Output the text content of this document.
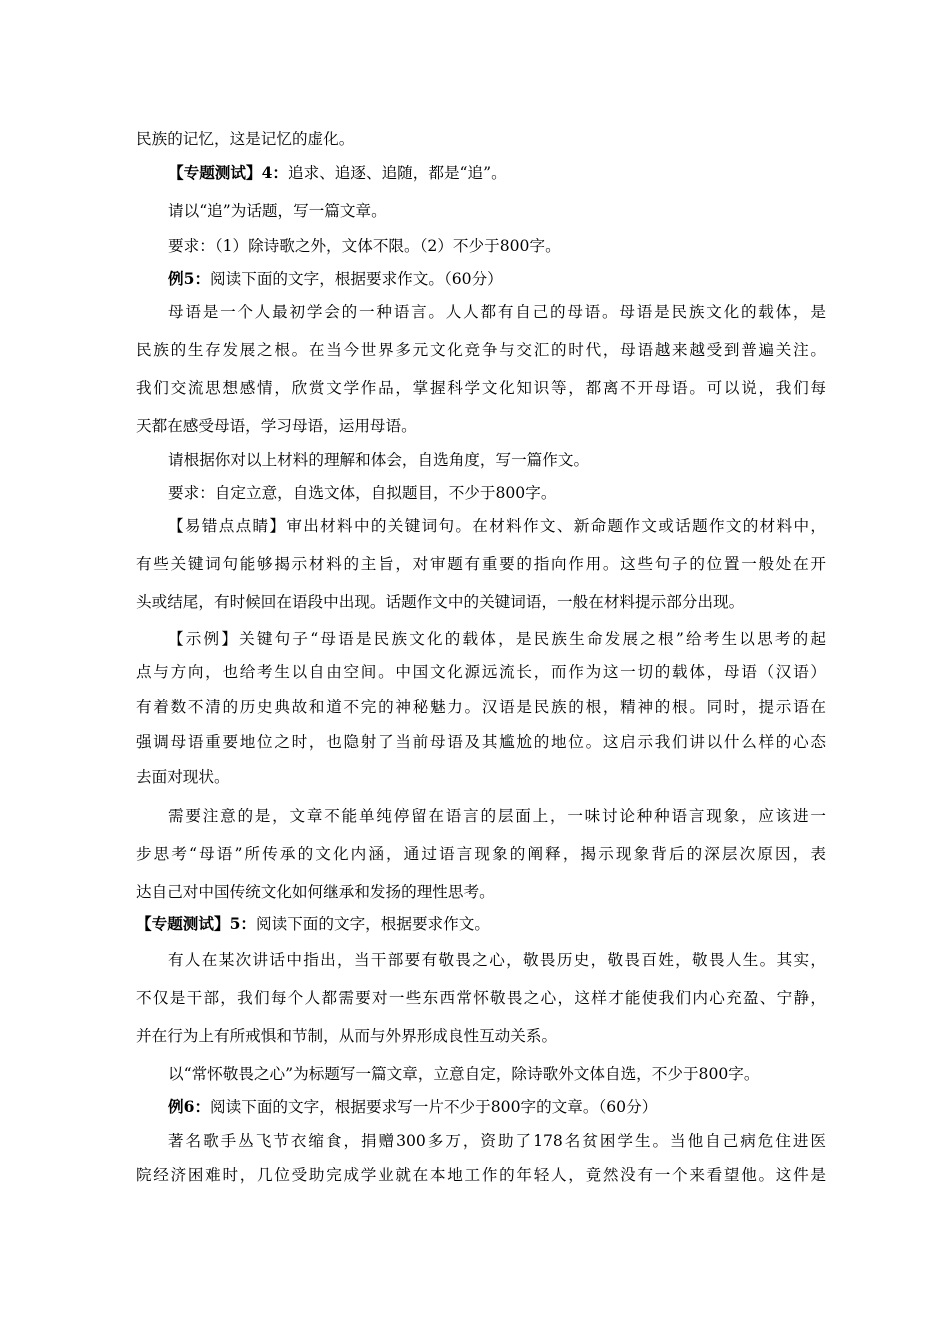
民族的记忆，这是记忆的虚化。
【专题测试】4：追求、追逐、追随，都是“追”。
请以“追”为话题，写一篇文章。
要求：（1）除诗歌之外，文体不限。（2）不少于800字。
例5：阅读下面的文字，根据要求作文。（60分）
母语是一个人最初学会的一种语言。人人都有自己的母语。母语是民族文化的载体，是
民族的生存发展之根。在当今世界多元文化竞争与交汇的时代，母语越来越受到普遍关注。
我们交流思想感情，欣赏文学作品，掌握科学文化知识等，都离不开母语。可以说，我们每
天都在感受母语，学习母语，运用母语。
请根据你对以上材料的理解和体会，自选角度，写一篇作文。
要求：自定立意，自选文体，自拟题目，不少于800字。
【易错点点睛】审出材料中的关键词句。在材料作文、新命题作文或话题作文的材料中，
有些关键词句能够揭示材料的主旨，对审题有重要的指向作用。这些句子的位置一般处在开
头或结尾，有时候回在语段中出现。话题作文中的关键词语，一般在材料提示部分出现。
【示例】关键句子“母语是民族文化的载体，是民族生命发展之根”给考生以思考的起
点与方向，也给考生以自由空间。中国文化源远流长，而作为这一切的载体，母语（汉语）
有着数不清的历史典故和道不完的神秘魅力。汉语是民族的根，精神的根。同时，提示语在
强调母语重要地位之时，也隐射了当前母语及其尴尬的地位。这启示我们讲以什么样的心态
去面对现状。
需要注意的是，文章不能单纯停留在语言的层面上，一味讨论种种语言现象，应该进一
步思考“母语”所传承的文化内涵，通过语言现象的阐释，揭示现象背后的深层次原因，表
达自己对中国传统文化如何继承和发扬的理性思考。
【专题测试】5：阅读下面的文字，根据要求作文。
有人在某次讲话中指出，当干部要有敬畏之心，敬畏历史，敬畏百姓，敬畏人生。其实，
不仅是干部，我们每个人都需要对一些东西常怀敬畏之心，这样才能使我们内心充盈、宁静，
并在行为上有所戒惧和节制，从而与外界形成良性互动关系。
以“常怀敬畏之心”为标题写一篇文章，立意自定，除诗歌外文体自选，不少于800字。
例6：阅读下面的文字，根据要求写一片不少于800字的文章。（60分）
著名歌手丛飞节衣缩食，捐赠300多万，资助了178名贫困学生。当他自己病危住进医
院经济困难时，几位受助完成学业就在本地工作的年轻人，竟然没有一个来看望他。这件是
